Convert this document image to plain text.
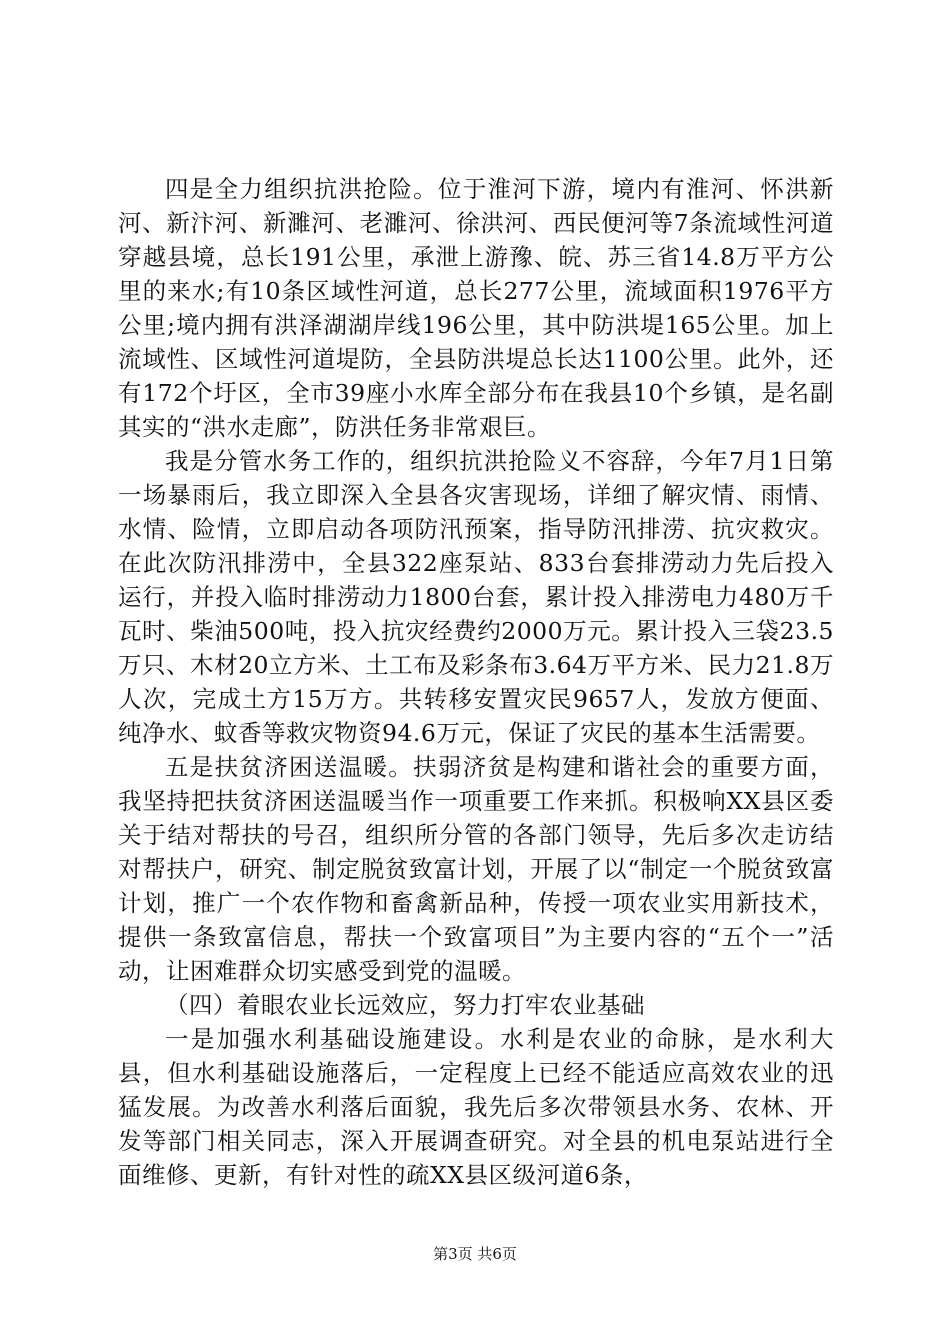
四是全力组织抗洪抢险。位于淮河下游，境内有淮河、怀洪新河、新汴河、新濉河、老濉河、徐洪河、西民便河等7条流域性河道穿越县境，总长191公里，承泄上游豫、皖、苏三省14.8万平方公里的来水;有10条区域性河道，总长277公里，流域面积1976平方公里;境内拥有洪泽湖湖岸线196公里，其中防洪堤165公里。加上流域性、区域性河道堤防，全县防洪堤总长达1100公里。此外，还有172个圩区，全市39座小水库全部分布在我县10个乡镇，是名副其实的“洪水走廊”，防洪任务非常艰巨。

我是分管水务工作的，组织抗洪抢险义不容辞，今年7月1日第一场暴雨后，我立即深入全县各灾害现场，详细了解灾情、雨情、水情、险情，立即启动各项防汛预案，指导防汛排涝、抗灾救灾。在此次防汛排涝中，全县322座泵站、833台套排涝动力先后投入运行，并投入临时排涝动力1800台套，累计投入排涝电力480万千瓦时、柴油500吨，投入抗灾经费约2000万元。累计投入三袋23.5万只、木材20立方米、土工布及彩条布3.64万平方米、民力21.8万人次，完成土方15万方。共转移安置灾民9657人，发放方便面、纯净水、蚊香等救灾物资94.6万元，保证了灾民的基本生活需要。

五是扶贫济困送温暖。扶弱济贫是构建和谐社会的重要方面，我坚持把扶贫济困送温暖当作一项重要工作来抓。积极响XX县区委关于结对帮扶的号召，组织所分管的各部门领导，先后多次走访结对帮扶户，研究、制定脱贫致富计划，开展了以“制定一个脱贫致富计划，推广一个农作物和畜禽新品种，传授一项农业实用新技术，提供一条致富信息，帮扶一个致富项目”为主要内容的“五个一”活动，让困难群众切实感受到党的温暖。

（四）着眼农业长远效应，努力打牢农业基础

一是加强水利基础设施建设。水利是农业的命脉，是水利大县，但水利基础设施落后，一定程度上已经不能适应高效农业的迅猛发展。为改善水利落后面貌，我先后多次带领县水务、农林、开发等部门相关同志，深入开展调查研究。对全县的机电泵站进行全面维修、更新，有针对性的疏XX县区级河道6条，

第3页 共6页
